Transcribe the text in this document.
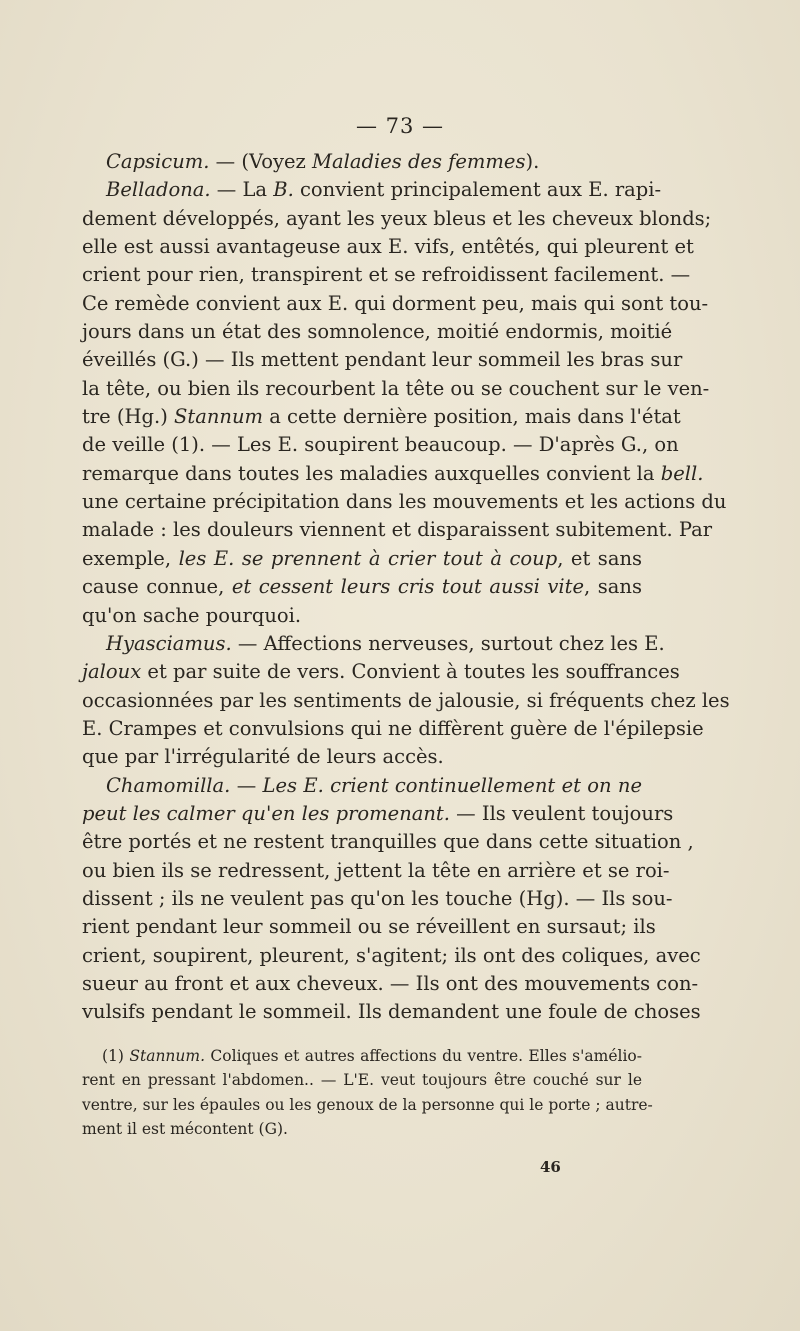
— 73 —
Capsicum. — (Voyez Maladies des femmes).
Belladona. — La B. convient principalement aux E. rapi-
dement développés, ayant les yeux bleus et les cheveux blonds;
elle est aussi avantageuse aux E. vifs, entêtés, qui pleurent et
crient pour rien, transpirent et se refroidissent facilement. —
Ce remède convient aux E. qui dorment peu, mais qui sont tou-
jours dans un état des somnolence, moitié endormis, moitié
éveillés (G.) — Ils mettent pendant leur sommeil les bras sur
la tête, ou bien ils recourbent la tête ou se couchent sur le ven-
tre (Hg.) Stannum a cette dernière position, mais dans l'état
de veille (1). — Les E. soupirent beaucoup. — D'après G., on
remarque dans toutes les maladies auxquelles convient la bell.
une certaine précipitation dans les mouvements et les actions du
malade : les douleurs viennent et disparaissent subitement. Par
exemple, les E. se prennent à crier tout à coup, et sans
cause connue, et cessent leurs cris tout aussi vite, sans
qu'on sache pourquoi.
Hyasciamus. — Affections nerveuses, surtout chez les E.
jaloux et par suite de vers. Convient à toutes les souffrances
occasionnées par les sentiments de jalousie, si fréquents chez les
E. Crampes et convulsions qui ne diffèrent guère de l'épilepsie
que par l'irrégularité de leurs accès.
Chamomilla. — Les E. crient continuellement et on ne
peut les calmer qu'en les promenant. — Ils veulent toujours
être portés et ne restent tranquilles que dans cette situation ,
ou bien ils se redressent, jettent la tête en arrière et se roi-
dissent ; ils ne veulent pas qu'on les touche (Hg). — Ils sou-
rient pendant leur sommeil ou se réveillent en sursaut; ils
crient, soupirent, pleurent, s'agitent; ils ont des coliques, avec
sueur au front et aux cheveux. — Ils ont des mouvements con-
vulsifs pendant le sommeil. Ils demandent une foule de choses
(1) Stannum. Coliques et autres affections du ventre. Elles s'amélio-
rent en pressant l'abdomen.. — L'E. veut toujours être couché sur le
ventre, sur les épaules ou les genoux de la personne qui le porte ; autre-
ment il est mécontent (G).
46
